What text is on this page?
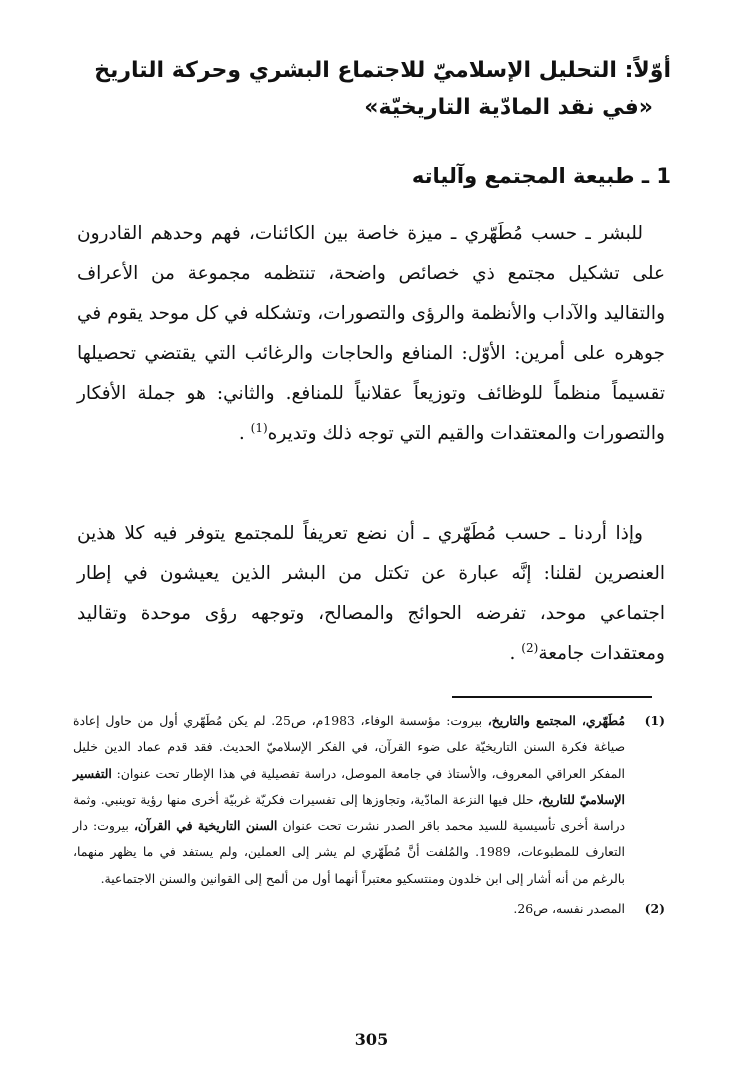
أوّلاً: التحليل الإسلاميّ للاجتماع البشري وحركة التاريخ
«في نقد المادّية التاريخيّة»
1 ـ طبيعة المجتمع وآلياته
للبشر ـ حسب مُطَهّري ـ ميزة خاصة بين الكائنات، فهم وحدهم القادرون على تشكيل مجتمع ذي خصائص واضحة، تنتظمه مجموعة من الأعراف والتقاليد والآداب والأنظمة والرؤى والتصورات، وتشكله في كل موحد يقوم في جوهره على أمرين: الأوّل: المنافع والحاجات والرغائب التي يقتضي تحصيلها تقسيماً منظماً للوظائف وتوزيعاً عقلانياً للمنافع. والثاني: هو جملة الأفكار والتصورات والمعتقدات والقيم التي توجه ذلك وتديره$^{(1)}$ .
وإذا أردنا ـ حسب مُطَهّري ـ أن نضع تعريفاً للمجتمع يتوفر فيه كلا هذين العنصرين لقلنا: إنَّه عبارة عن تكتل من البشر الذين يعيشون في إطار اجتماعي موحد، تفرضه الحوائج والمصالح، وتوجهه رؤى موحدة وتقاليد ومعتقدات جامعة$^{(2)}$ .
(1)
مُطَهّري، المجتمع والتاريخ، بيروت: مؤسسة الوفاء، 1983م، ص25. لم يكن مُطَهّري أول من حاول إعادة صياغة فكرة السنن التاريخيّة على ضوء القرآن، في الفكر الإسلاميّ الحديث. فقد قدم عماد الدين خليل المفكر العراقي المعروف، والأستاذ في جامعة الموصل، دراسة تفصيلية في هذا الإطار تحت عنوان: التفسير الإسلاميّ للتاريخ، حلل فيها النزعة المادّية، وتجاوزها إلى تفسيرات فكريّة غربيّة أخرى منها رؤية توينبي. وثمة دراسة أخرى تأسيسية للسيد محمد باقر الصدر نشرت تحت عنوان السنن التاريخية في القرآن، بيروت: دار التعارف للمطبوعات، 1989. والمُلفت أنَّ مُطَهّري لم يشر إلى العملين، ولم يستفد في ما يظهر منهما، بالرغم من أنه أشار إلى ابن خلدون ومنتسكيو معتبراً أنهما أول من ألمح إلى القوانين والسنن الاجتماعية.
(2)
المصدر نفسه، ص26.
305
